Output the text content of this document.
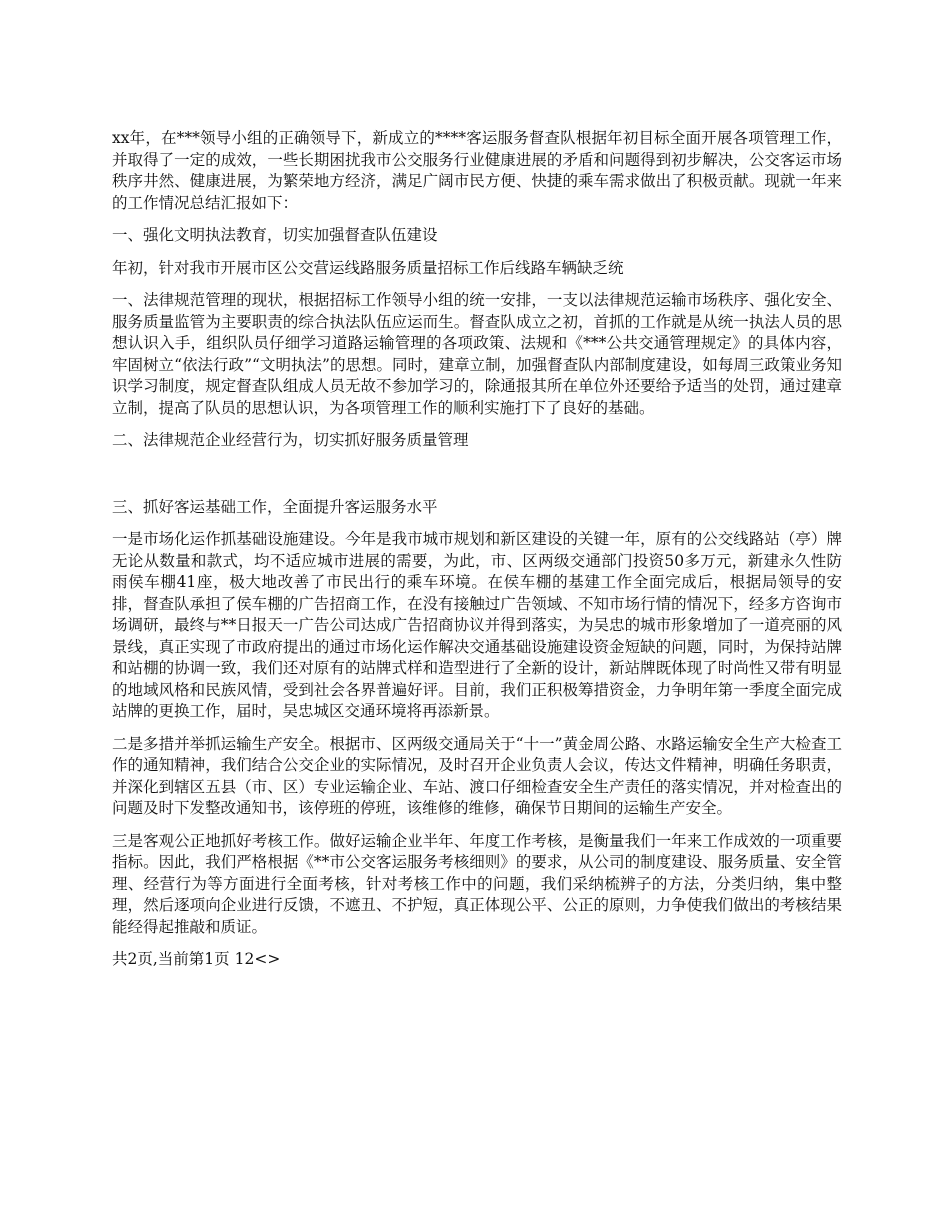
xx年，在***领导小组的正确领导下，新成立的****客运服务督查队根据年初目标全面开展各项管理工作，并取得了一定的成效，一些长期困扰我市公交服务行业健康进展的矛盾和问题得到初步解决，公交客运市场秩序井然、健康进展，为繁荣地方经济，满足广阔市民方便、快捷的乘车需求做出了积极贡献。现就一年来的工作情况总结汇报如下：

一、强化文明执法教育，切实加强督查队伍建设

年初，针对我市开展市区公交营运线路服务质量招标工作后线路车辆缺乏统

一、法律规范管理的现状，根据招标工作领导小组的统一安排，一支以法律规范运输市场秩序、强化安全、服务质量监管为主要职责的综合执法队伍应运而生。督查队成立之初，首抓的工作就是从统一执法人员的思想认识入手，组织队员仔细学习道路运输管理的各项政策、法规和《***公共交通管理规定》的具体内容，牢固树立“依法行政”“文明执法”的思想。同时，建章立制，加强督查队内部制度建设，如每周三政策业务知识学习制度，规定督查队组成人员无故不参加学习的，除通报其所在单位外还要给予适当的处罚，通过建章立制，提高了队员的思想认识，为各项管理工作的顺利实施打下了良好的基础。

二、法律规范企业经营行为，切实抓好服务质量管理

三、抓好客运基础工作，全面提升客运服务水平

一是市场化运作抓基础设施建设。今年是我市城市规划和新区建设的关键一年，原有的公交线路站（亭）牌无论从数量和款式，均不适应城市进展的需要，为此，市、区两级交通部门投资50多万元，新建永久性防雨侯车棚41座，极大地改善了市民出行的乘车环境。在侯车棚的基建工作全面完成后，根据局领导的安排，督查队承担了侯车棚的广告招商工作，在没有接触过广告领域、不知市场行情的情况下，经多方咨询市场调研，最终与**日报天一广告公司达成广告招商协议并得到落实，为吴忠的城市形象增加了一道亮丽的风景线，真正实现了市政府提出的通过市场化运作解决交通基础设施建设资金短缺的问题，同时，为保持站牌和站棚的协调一致，我们还对原有的站牌式样和造型进行了全新的设计，新站牌既体现了时尚性又带有明显的地域风格和民族风情，受到社会各界普遍好评。目前，我们正积极筹措资金，力争明年第一季度全面完成站牌的更换工作，届时，吴忠城区交通环境将再添新景。

二是多措并举抓运输生产安全。根据市、区两级交通局关于“十一”黄金周公路、水路运输安全生产大检查工作的通知精神，我们结合公交企业的实际情况，及时召开企业负责人会议，传达文件精神，明确任务职责，并深化到辖区五县（市、区）专业运输企业、车站、渡口仔细检查安全生产责任的落实情况，并对检查出的问题及时下发整改通知书，该停班的停班，该维修的维修，确保节日期间的运输生产安全。

三是客观公正地抓好考核工作。做好运输企业半年、年度工作考核，是衡量我们一年来工作成效的一项重要指标。因此，我们严格根据《**市公交客运服务考核细则》的要求，从公司的制度建设、服务质量、安全管理、经营行为等方面进行全面考核，针对考核工作中的问题，我们采纳梳辨子的方法，分类归纳，集中整理，然后逐项向企业进行反馈，不遮丑、不护短，真正体现公平、公正的原则，力争使我们做出的考核结果能经得起推敲和质证。

共2页,当前第1页 12<>
